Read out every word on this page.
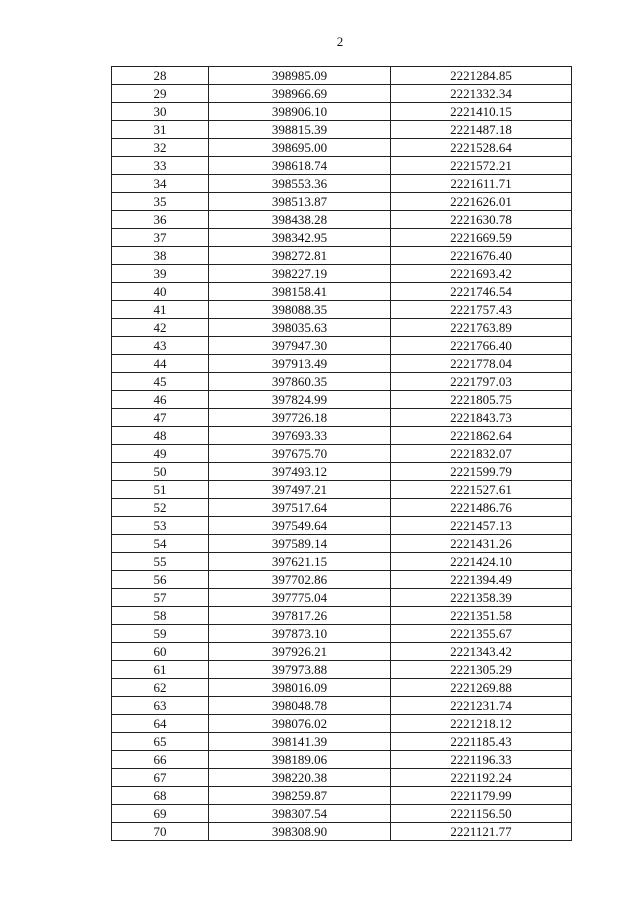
2
28	398985.09	2221284.85
29	398966.69	2221332.34
30	398906.10	2221410.15
31	398815.39	2221487.18
32	398695.00	2221528.64
33	398618.74	2221572.21
34	398553.36	2221611.71
35	398513.87	2221626.01
36	398438.28	2221630.78
37	398342.95	2221669.59
38	398272.81	2221676.40
39	398227.19	2221693.42
40	398158.41	2221746.54
41	398088.35	2221757.43
42	398035.63	2221763.89
43	397947.30	2221766.40
44	397913.49	2221778.04
45	397860.35	2221797.03
46	397824.99	2221805.75
47	397726.18	2221843.73
48	397693.33	2221862.64
49	397675.70	2221832.07
50	397493.12	2221599.79
51	397497.21	2221527.61
52	397517.64	2221486.76
53	397549.64	2221457.13
54	397589.14	2221431.26
55	397621.15	2221424.10
56	397702.86	2221394.49
57	397775.04	2221358.39
58	397817.26	2221351.58
59	397873.10	2221355.67
60	397926.21	2221343.42
61	397973.88	2221305.29
62	398016.09	2221269.88
63	398048.78	2221231.74
64	398076.02	2221218.12
65	398141.39	2221185.43
66	398189.06	2221196.33
67	398220.38	2221192.24
68	398259.87	2221179.99
69	398307.54	2221156.50
70	398308.90	2221121.77
